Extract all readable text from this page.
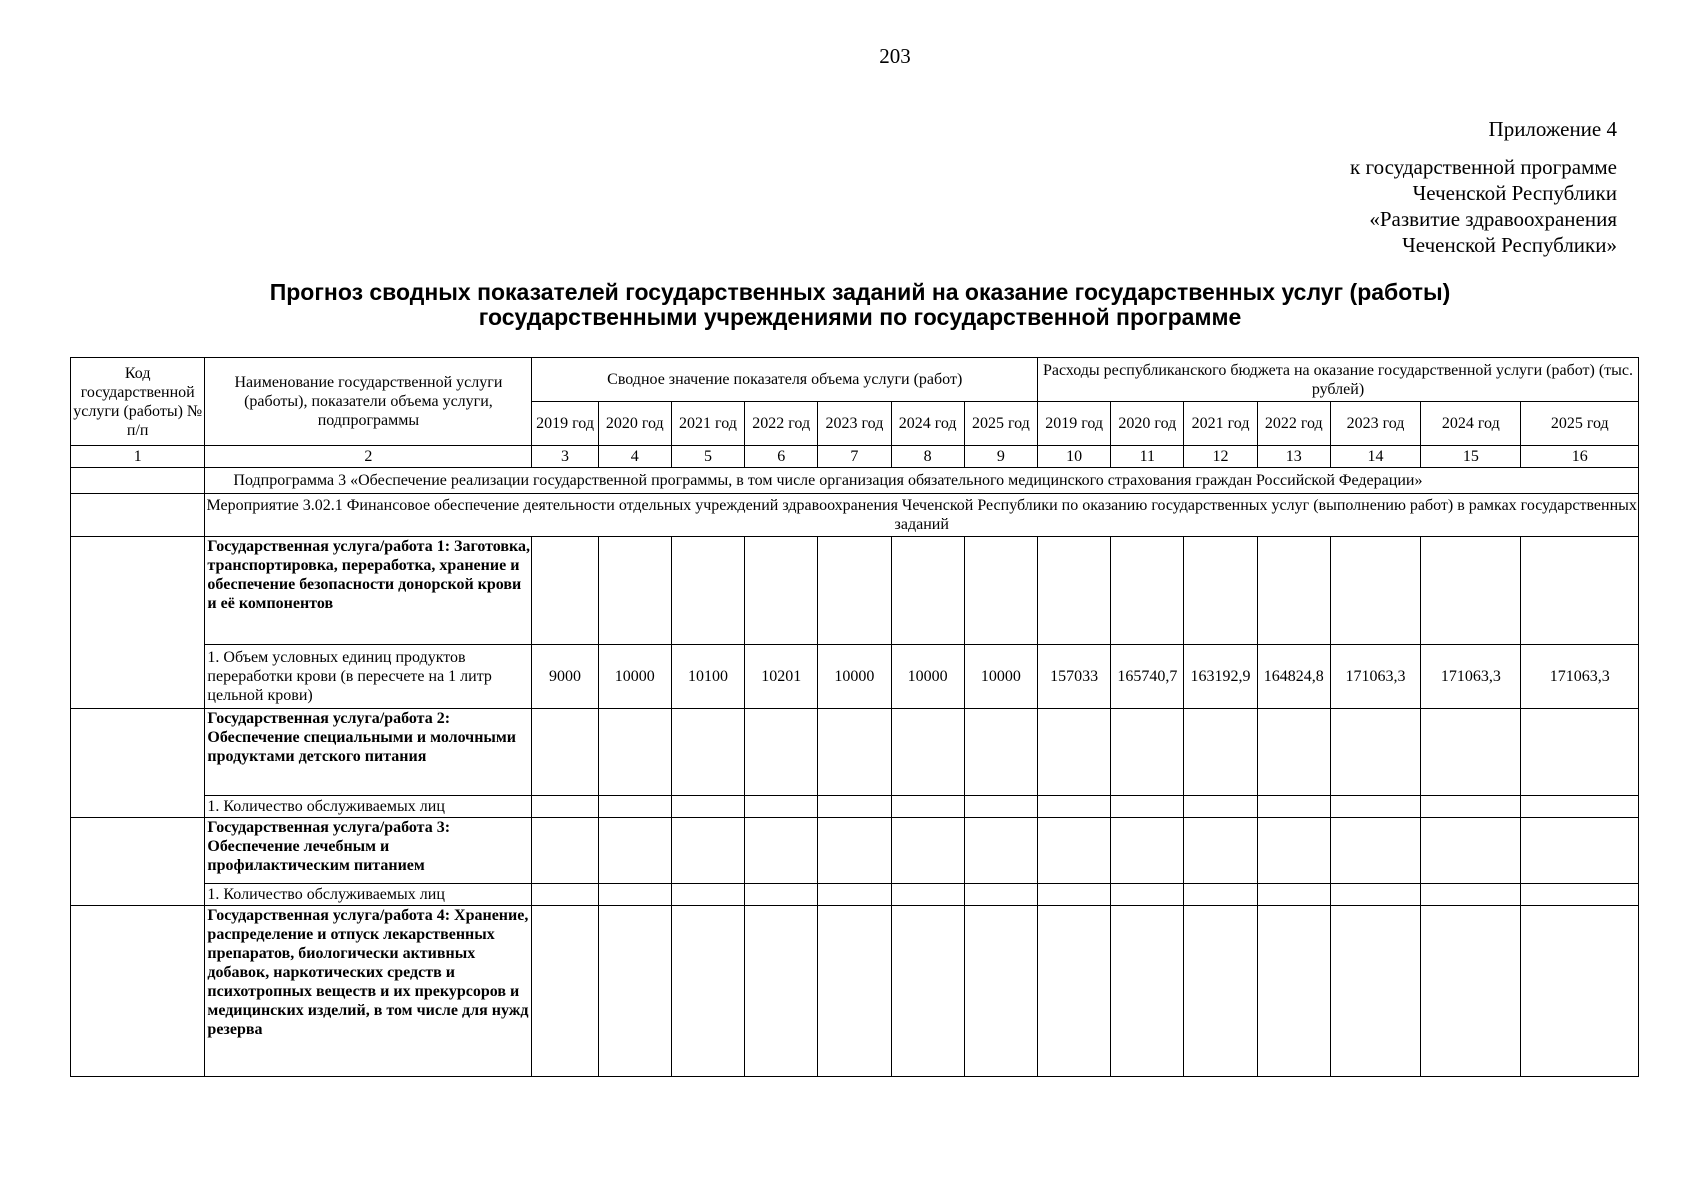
203
Приложение 4
к государственной программе
Чеченской Республики
«Развитие здравоохранения
Чеченской Республики»
Прогноз сводных показателей государственных заданий на оказание государственных услуг (работы)
государственными учреждениями по государственной программе
Код государственной услуги (работы) № п/п	Наименование государственной услуги (работы), показатели объема услуги, подпрограммы	Сводное значение показателя объема услуги (работ)							Расходы республиканского бюджета на оказание государственной услуги (работ) (тыс. рублей)						
		2019 год	2020 год	2021 год	2022 год	2023 год	2024 год	2025 год	2019 год	2020 год	2021 год	2022 год	2023 год	2024 год	2025 год
1	2	3	4	5	6	7	8	9	10	11	12	13	14	15	16
	Подпрограмма 3 «Обеспечение реализации государственной программы, в том числе организация обязательного медицинского страхования граждан Российской Федерации»														
	Мероприятие 3.02.1 Финансовое обеспечение деятельности отдельных учреждений здравоохранения Чеченской Республики по оказанию государственных услуг (выполнению работ) в рамках государственных заданий														
	Государственная услуга/работа 1: Заготовка, транспортировка, переработка, хранение и обеспечение безопасности донорской крови и её компонентов														
	1. Объем условных единиц продуктов переработки крови (в пересчете на 1 литр цельной крови)	9000	10000	10100	10201	10000	10000	10000	157033	165740,7	163192,9	164824,8	171063,3	171063,3	171063,3
	Государственная услуга/работа 2: Обеспечение специальными и молочными продуктами детского питания														
	1. Количество обслуживаемых лиц														
	Государственная услуга/работа 3: Обеспечение лечебным и профилактическим питанием														
	1. Количество обслуживаемых лиц														
	Государственная услуга/работа 4: Хранение, распределение и отпуск лекарственных препаратов, биологически активных добавок, наркотических средств и психотропных веществ и их прекурсоров и медицинских изделий, в том числе для нужд резерва														
